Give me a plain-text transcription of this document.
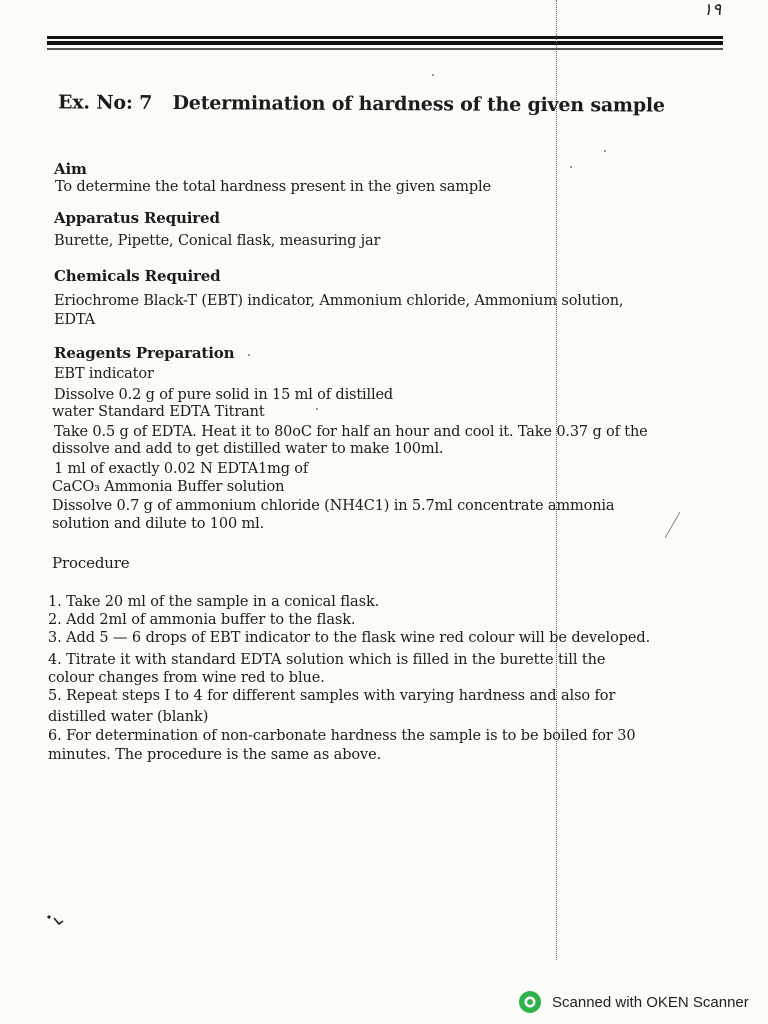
۱۹
Ex. No: 7 Determination of hardness of the given sample
Aim
To determine the total hardness present in the given sample
Apparatus Required
Burette, Pipette, Conical flask, measuring jar
Chemicals Required
Eriochrome Black-T (EBT) indicator, Ammonium chloride, Ammonium solution,
EDTA
Reagents Preparation
EBT indicator
Dissolve 0.2 g of pure solid in 15 ml of distilled
water Standard EDTA Titrant
Take 0.5 g of EDTA. Heat it to 80oC for half an hour and cool it. Take 0.37 g of the
dissolve and add to get distilled water to make 100ml.
1 ml of exactly 0.02 N EDTA1mg of
CaCO₃ Ammonia Buffer solution
Dissolve 0.7 g of ammonium chloride (NH4C1) in 5.7ml concentrate ammonia
solution and dilute to 100 ml.
Procedure
1. Take 20 ml of the sample in a conical flask.
2. Add 2ml of ammonia buffer to the flask.
3. Add 5 — 6 drops of EBT indicator to the flask wine red colour will be developed.
4. Titrate it with standard EDTA solution which is filled in the burette till the
colour changes from wine red to blue.
5. Repeat steps I to 4 for different samples with varying hardness and also for
distilled water (blank)
6. For determination of non-carbonate hardness the sample is to be boiled for 30
minutes. The procedure is the same as above.
Scanned with OKEN Scanner
